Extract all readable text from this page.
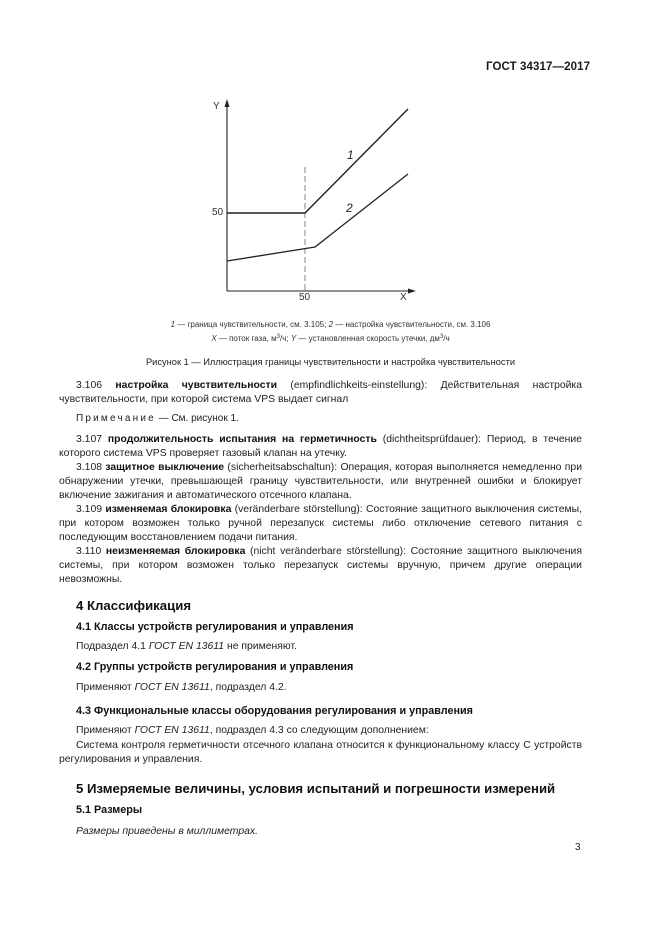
ГОСТ 34317—2017
Y
X
50
50
1
2
1 — граница чувствительности, см. 3.105; 2 — настройка чувствительности, см. 3.106
X — поток газа, $м^3/ч$; Y — установленная скорость утечки, $дм^3/ч$
Рисунок 1 — Иллюстрация границы чувствительности и настройка чувствительности
3.106 настройка чувствительности (empfindlichkeits-einstellung): Действительная настройка чувствительности, при которой система VPS выдает сигнал
Примечание — См. рисунок 1.
3.107 продолжительность испытания на герметичность (dichtheitsprüfdauer): Период, в течение которого система VPS проверяет газовый клапан на утечку.
3.108 защитное выключение (sicherheitsabschaltun): Операция, которая выполняется немедленно при обнаружении утечки, превышающей границу чувствительности, или внутренней ошибки и блокирует включение зажигания и автоматического отсечного клапана.
3.109 изменяемая блокировка (veränderbare störstellung): Состояние защитного выключения системы, при котором возможен только ручной перезапуск системы либо отключение сетевого питания с последующим восстановлением подачи питания.
3.110 неизменяемая блокировка (nicht veränderbare störstellung): Состояние защитного выключения системы, при котором возможен только перезапуск системы вручную, причем другие операции невозможны.
4 Классификация
4.1 Классы устройств регулирования и управления
Подраздел 4.1 ГОСТ EN 13611 не применяют.
4.2 Группы устройств регулирования и управления
Применяют ГОСТ EN 13611, подраздел 4.2.
4.3 Функциональные классы оборудования регулирования и управления
Применяют ГОСТ EN 13611, подраздел 4.3 со следующим дополнением:
Система контроля герметичности отсечного клапана относится к функциональному классу С устройств регулирования и управления.
5 Измеряемые величины, условия испытаний и погрешности измерений
5.1 Размеры
Размеры приведены в миллиметрах.
3
